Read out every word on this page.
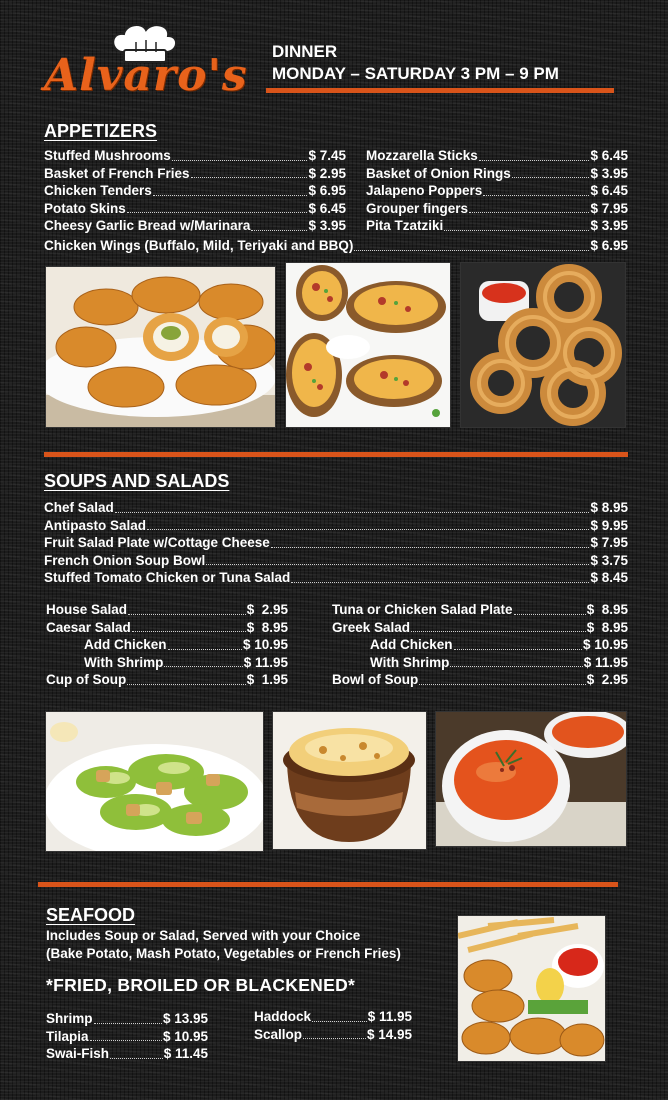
Alvaro's DINNER
MONDAY – SATURDAY 3 PM – 9 PM
APPETIZERS
Stuffed Mushrooms	$ 7.45
Basket of French Fries	$ 2.95
Chicken Tenders	$ 6.95
Potato Skins	$ 6.45
Cheesy Garlic Bread w/Marinara	$ 3.95
Mozzarella Sticks	$ 6.45
Basket of Onion Rings	$ 3.95
Jalapeno Poppers	$ 6.45
Grouper fingers	$ 7.95
Pita Tzatziki	$ 3.95
Chicken Wings (Buffalo, Mild, Teriyaki and BBQ)	$ 6.95
SOUPS AND SALADS
Chef Salad	$ 8.95
Antipasto Salad	$ 9.95
Fruit Salad Plate w/Cottage Cheese	$ 7.95
French Onion Soup Bowl	$ 3.75
Stuffed Tomato Chicken or Tuna Salad	$ 8.45
House Salad	$  2.95
Caesar Salad	$  8.95
Add Chicken	$ 10.95
With Shrimp	$ 11.95
Cup of Soup	$  1.95
Tuna or Chicken Salad Plate	$  8.95
Greek Salad	$  8.95
Add Chicken	$ 10.95
With Shrimp	$ 11.95
Bowl of Soup	$  2.95
SEAFOOD
Includes Soup or Salad, Served with your Choice
(Bake Potato, Mash Potato, Vegetables or French Fries)
*FRIED, BROILED OR BLACKENED*
Shrimp	$ 13.95
Tilapia	$ 10.95
Swai-Fish	$ 11.45
Haddock	$ 11.95
Scallop	$ 14.95
